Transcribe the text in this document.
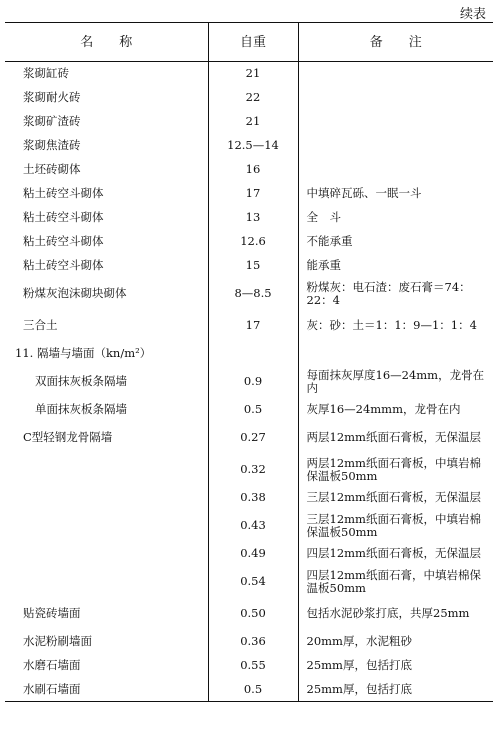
续表
名　　称	自重	备　　注
浆砌缸砖	21	
浆砌耐火砖	22	
浆砌矿渣砖	21	
浆砌焦渣砖	12.5—14	
土坯砖砌体	16	
粘土砖空斗砌体	17	中填碎瓦砾、一眠一斗
粘土砖空斗砌体	13	全　斗
粘土砖空斗砌体	12.6	不能承重
粘土砖空斗砌体	15	能承重
粉煤灰泡沫砌块砌体	8—8.5	粉煤灰：电石渣：废石膏＝74：22：4
三合土	17	灰：砂：土＝1：1：9—1：1：4
11. 隔墙与墙面（kn/m²）		
双面抹灰板条隔墙	0.9	每面抹灰厚度16—24mm，龙骨在内
单面抹灰板条隔墙	0.5	灰厚16—24mmm，龙骨在内
C型轻钢龙骨隔墙	0.27	两层12mm纸面石膏板，无保温层
	0.32	两层12mm纸面石膏板，中填岩棉保温板50mm
	0.38	三层12mm纸面石膏板，无保温层
	0.43	三层12mm纸面石膏板，中填岩棉保温板50mm
	0.49	四层12mm纸面石膏板，无保温层
	0.54	四层12mm纸面石膏，中填岩棉保温板50mm
贴瓷砖墙面	0.50	包括水泥砂浆打底，共厚25mm
水泥粉刷墙面	0.36	20mm厚，水泥粗砂
水磨石墙面	0.55	25mm厚，包括打底
水刷石墙面	0.5	25mm厚，包括打底
